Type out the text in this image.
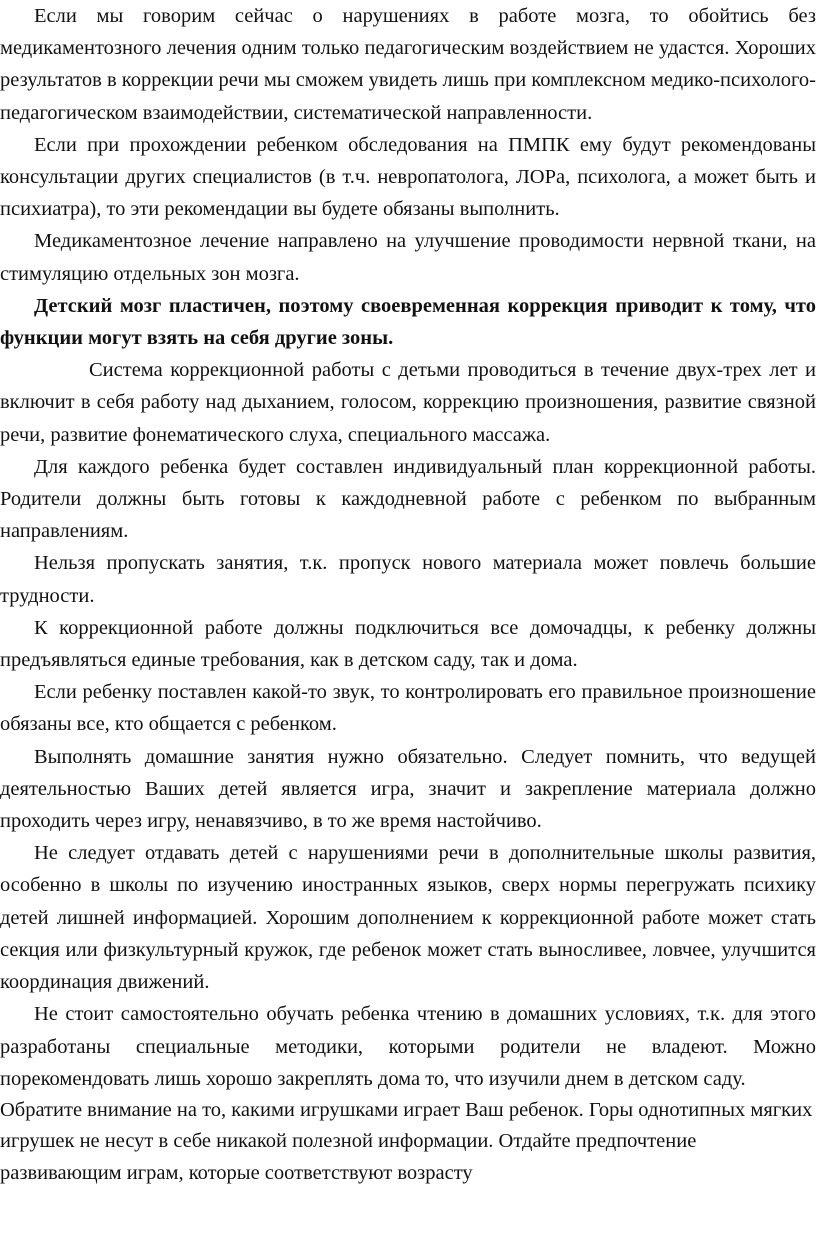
Если мы говорим сейчас о нарушениях в работе мозга, то обойтись без медикаментозного лечения одним только педагогическим воздействием не удастся. Хороших результатов в коррекции речи мы сможем увидеть лишь при комплексном медико-психолого-педагогическом взаимодействии, систематической направленности.

Если при прохождении ребенком обследования на ПМПК ему будут рекомендованы консультации других специалистов (в т.ч. невропатолога, ЛОРа, психолога, а может быть и психиатра), то эти рекомендации вы будете обязаны выполнить.

Медикаментозное лечение направлено на улучшение проводимости нервной ткани, на стимуляцию отдельных зон мозга.

Детский мозг пластичен, поэтому своевременная коррекция приводит к тому, что функции могут взять на себя другие зоны.

Система коррекционной работы с детьми проводиться в течение двух-трех лет и включит в себя работу над дыханием, голосом, коррекцию произношения, развитие связной речи, развитие фонематического слуха, специального массажа.

Для каждого ребенка будет составлен индивидуальный план коррекционной работы. Родители должны быть готовы к каждодневной работе с ребенком по выбранным направлениям.

Нельзя пропускать занятия, т.к. пропуск нового материала может повлечь большие трудности.

К коррекционной работе должны подключиться все домочадцы, к ребенку должны предъявляться единые требования, как в детском саду, так и дома.

Если ребенку поставлен какой-то звук, то контролировать его правильное произношение обязаны все, кто общается с ребенком.

Выполнять домашние занятия нужно обязательно. Следует помнить, что ведущей деятельностью Ваших детей является игра, значит и закрепление материала должно проходить через игру, ненавязчиво, в то же время настойчиво.

Не следует отдавать детей с нарушениями речи в дополнительные школы развития, особенно в школы по изучению иностранных языков, сверх нормы перегружать психику детей лишней информацией. Хорошим дополнением к коррекционной работе может стать секция или физкультурный кружок, где ребенок может стать выносливее, ловчее, улучшится координация движений.

Не стоит самостоятельно обучать ребенка чтению в домашних условиях, т.к. для этого разработаны специальные методики, которыми родители не владеют. Можно порекомендовать лишь хорошо закреплять дома то, что изучили днем в детском саду.

Обратите внимание на то, какими игрушками играет Ваш ребенок. Горы однотипных мягких игрушек не несут в себе никакой полезной информации. Отдайте предпочтение развивающим играм, которые соответствуют возрасту
